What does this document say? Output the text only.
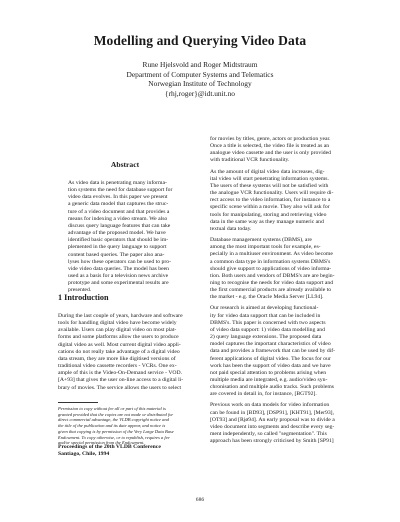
Modelling and Querying Video Data
Rune Hjelsvold and Roger Midtstraum
Department of Computer Systems and Telematics
Norwegian Institute of Technology
{rhj,roger}@idt.unit.no
Abstract

As video data is penetrating many informa-

tion systems the need for database support for

video data evolves. In this paper we present

a generic data model that captures the struc-

ture of a video document and that provides a

means for indexing a video stream. We also

discuss query language features that can take

advantage of the proposed model. We have

identified basic operators that should be im-

plemented in the query language to support

content based queries. The paper also ana-

lyses how these operators can be used to pro-

vide video data queries. The model has been

used as a basis for a television news archive

prototype and some experimental results are

presented.

1 Introduction

During the last couple of years, hardware and software

tools for handling digital video have become widely

available. Users can play digital video on most plat-

forms and some platforms allow the users to produce

digital video as well. Most current digital video appli-

cations do not really take advantage of a digital video

data stream, they are more like digitised versions of

traditional video cassette recorders - VCRs. One ex-

ample of this is the Video-On-Demand service - VOD.

[A+93] that gives the user on-line access to a digital li-

brary of movies. The service allows the users to select

Permission to copy without fee all or part of this material is

granted provided that the copies are not made or distributed for

direct commercial advantage, the VLDB copyright notice and

the title of the publication and its date appear, and notice is

given that copying is by permission of the Very Large Data Base

Endowment. To copy otherwise, or to republish, requires a fee

and/or special permission from the Endowment.

Proceedings of the 20th VLDB Conference

Santiago, Chile, 1994

for movies by titles, genre, actors or production year.

Once a title is selected, the video file is treated as an

analogue video cassette and the user is only provided

with traditional VCR functionality.

As the amount of digital video data increases, dig-

ital video will start penetrating information systems.

The users of these systems will not be satisfied with

the analogue VCR functionality. Users will require di-

rect access to the video information, for instance to a

specific scene within a movie. They also will ask for

tools for manipulating, storing and retrieving video

data in the same way as they manage numeric and

textual data today.

Database management systems (DBMS), are

among the most important tools for example, es-

pecially in a multiuser environment. As video become

a common data type in information systems DBMS's

should give support to applications of video informa-

tion. Both users and vendors of DBMS's are are begin-

ning to recognise the needs for video data support and

the first commercial products are already available to

the market - e.g. the Oracle Media Server [LL94].

Our research is aimed at developing functional-

ity for video data support that can be included in

DBMS's. This paper is concerned with two aspects

of video data support: 1) video data modelling and

2) query language extensions. The proposed data

model captures the important characteristics of video

data and provides a framework that can be used by dif-

ferent applications of digital video. The focus for our

work has been the support of video data and we have

not paid special attention to problems arising when

multiple media are integrated, e.g. audio/video syn-

chronisation and multiple audio tracks. Such problems

are covered in detail in, for instance, [BGT92].

Previous work on data models for video information

can be found in [BD93], [DSP91], [KHT91], [Mer93],

[OT93] and [Rjø94]. An early proposal was to divide a

video document into segments and describe every seg-

ment independently, so called "segmentation". This

approach has been strongly criticised by Smith [SP91]

686
